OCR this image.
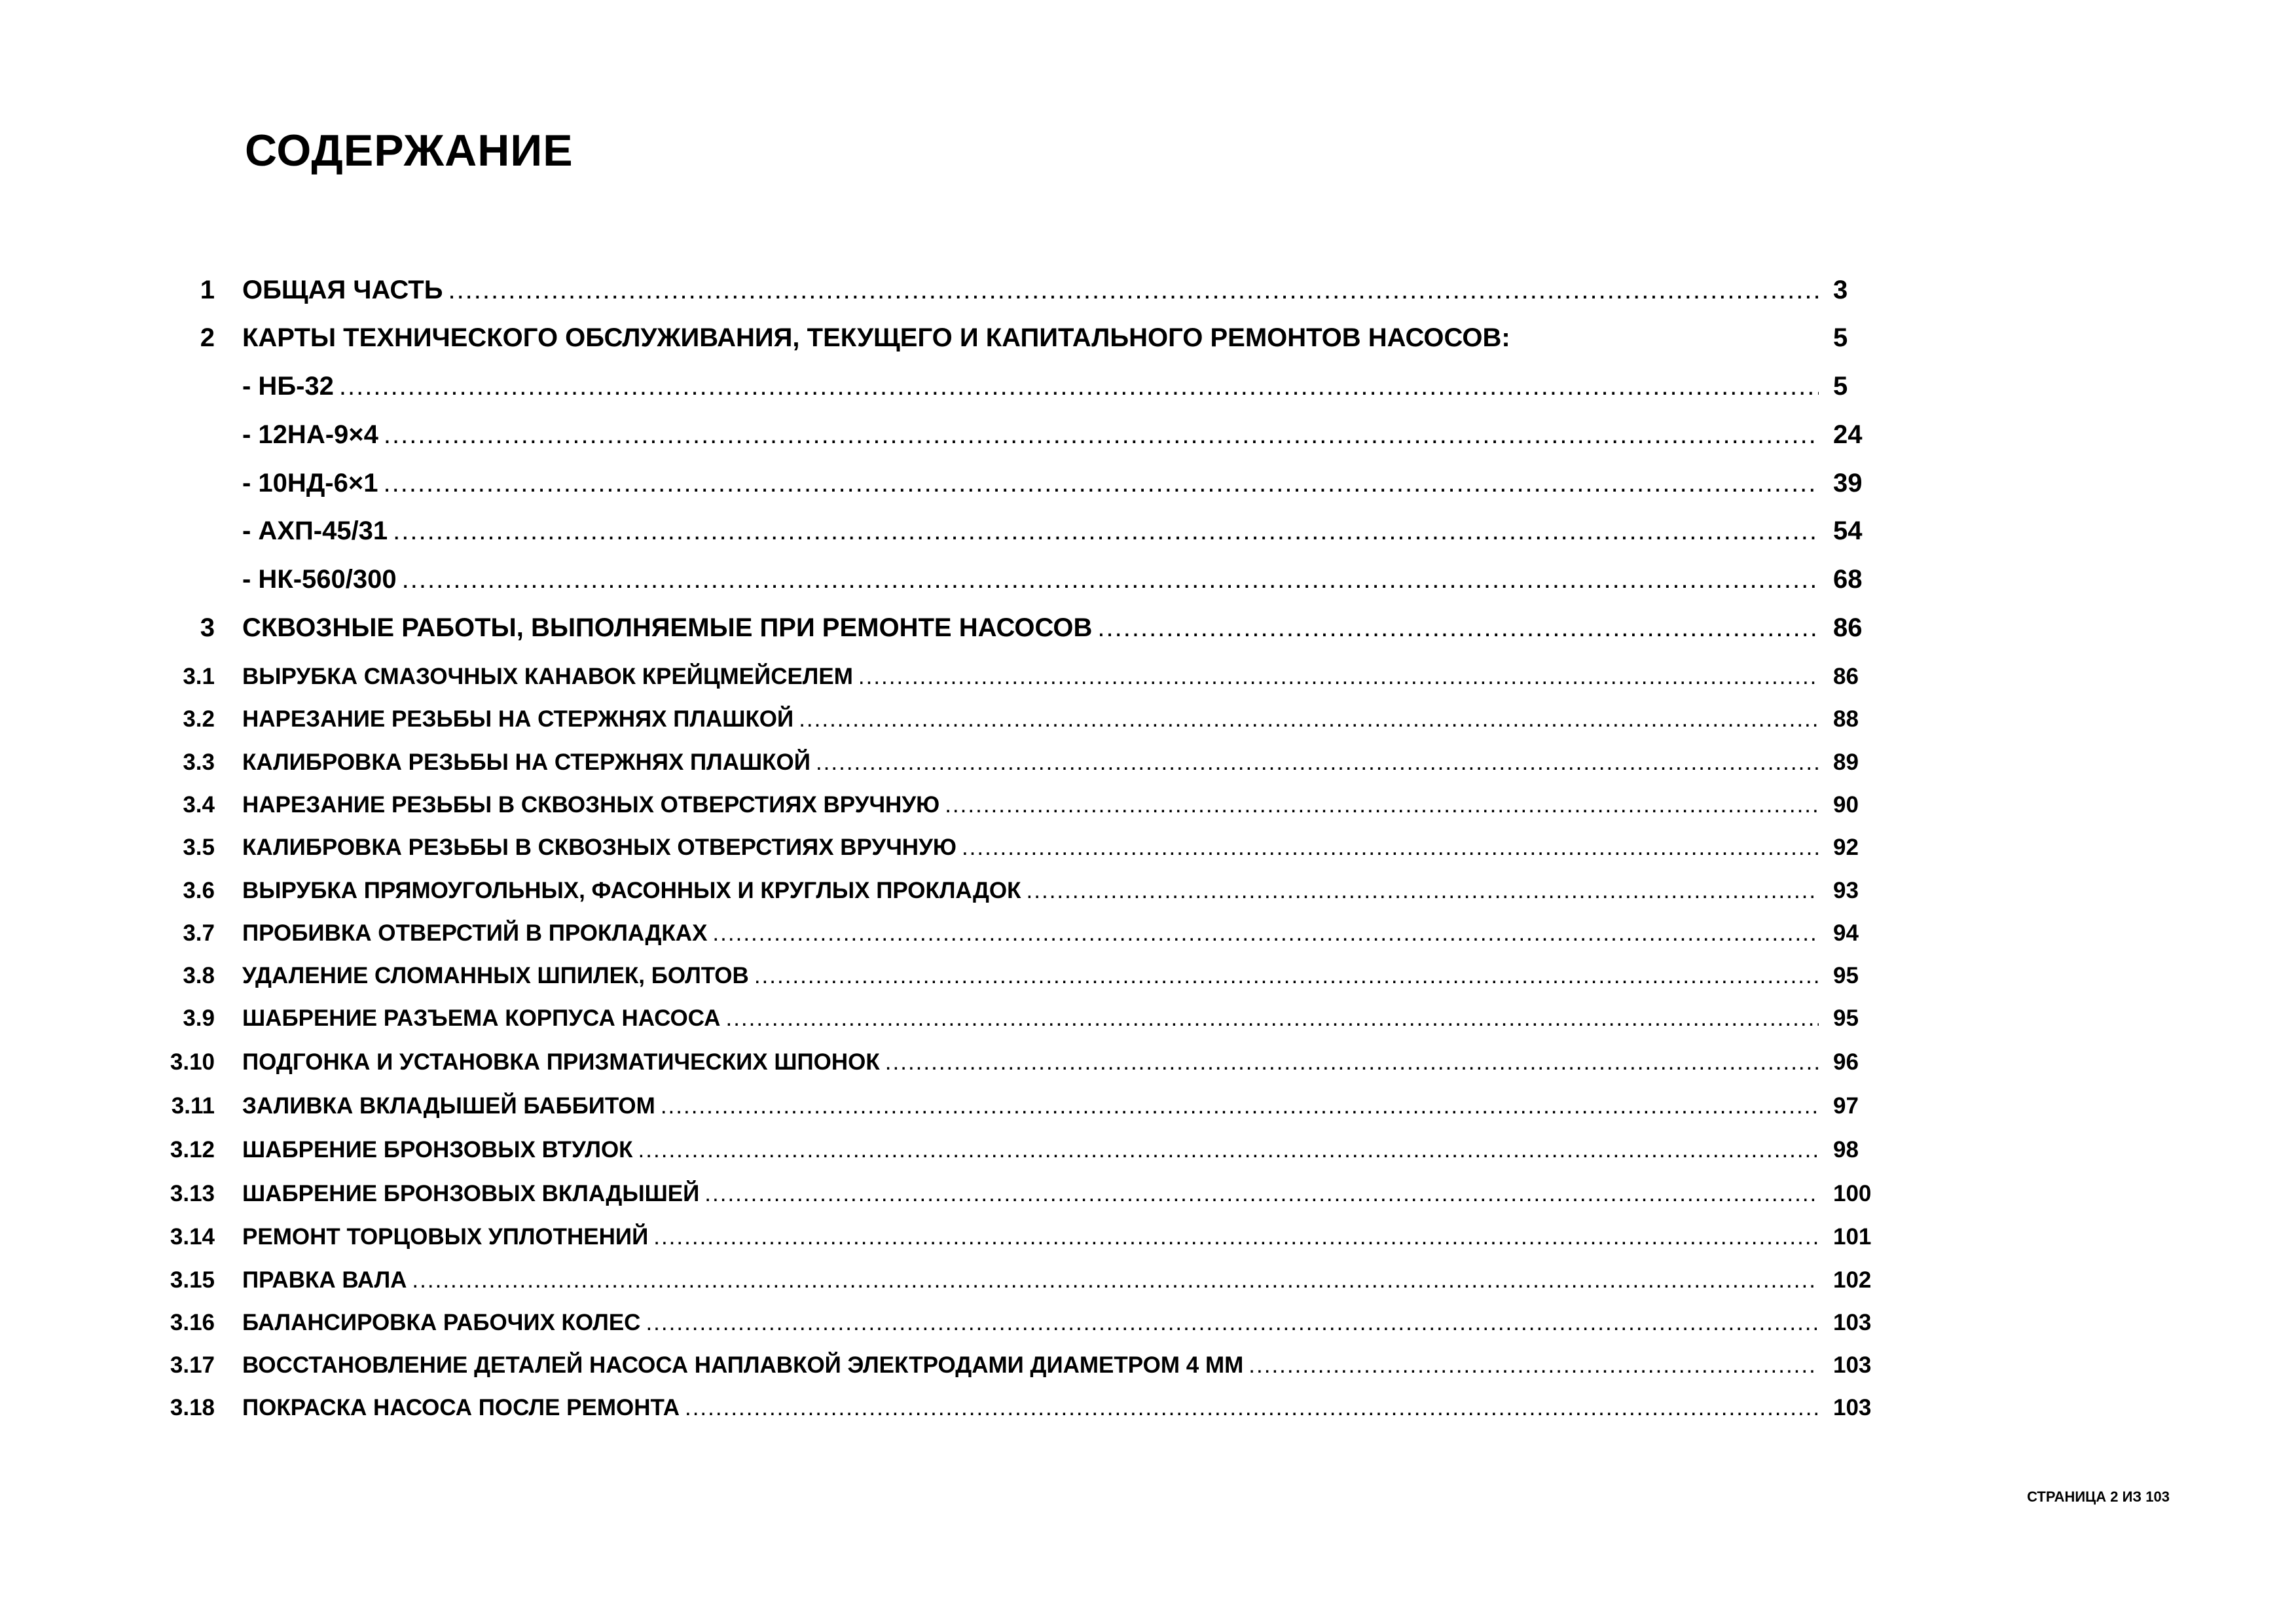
СОДЕРЖАНИЕ
1 ОБЩАЯ ЧАСТЬ .....	3
2 КАРТЫ ТЕХНИЧЕСКОГО ОБСЛУЖИВАНИЯ, ТЕКУЩЕГО И КАПИТАЛЬНОГО РЕМОНТОВ НАСОСОВ:	5
- НБ-32 .....	5
- 12НА-9×4 .....	24
- 10НД-6×1 .....	39
- АХП-45/31 .....	54
- НК-560/300 .....	68
3 СКВОЗНЫЕ РАБОТЫ, ВЫПОЛНЯЕМЫЕ ПРИ РЕМОНТЕ НАСОСОВ .....	86
3.1 ВЫРУБКА СМАЗОЧНЫХ КАНАВОК КРЕЙЦМЕЙСЕЛЕМ .....	86
3.2 НАРЕЗАНИЕ РЕЗЬБЫ НА СТЕРЖНЯХ ПЛАШКОЙ .....	88
3.3 КАЛИБРОВКА РЕЗЬБЫ НА СТЕРЖНЯХ ПЛАШКОЙ .....	89
3.4 НАРЕЗАНИЕ РЕЗЬБЫ В СКВОЗНЫХ ОТВЕРСТИЯХ ВРУЧНУЮ .....	90
3.5 КАЛИБРОВКА РЕЗЬБЫ В СКВОЗНЫХ ОТВЕРСТИЯХ ВРУЧНУЮ .....	92
3.6 ВЫРУБКА ПРЯМОУГОЛЬНЫХ, ФАСОННЫХ И КРУГЛЫХ ПРОКЛАДОК .....	93
3.7 ПРОБИВКА ОТВЕРСТИЙ В ПРОКЛАДКАХ .....	94
3.8 УДАЛЕНИЕ СЛОМАННЫХ ШПИЛЕК, БОЛТОВ .....	95
3.9 ШАБРЕНИЕ РАЗЪЕМА КОРПУСА НАСОСА .....	95
3.10 ПОДГОНКА И УСТАНОВКА ПРИЗМАТИЧЕСКИХ ШПОНОК .....	96
3.11 ЗАЛИВКА ВКЛАДЫШЕЙ БАББИТОМ .....	97
3.12 ШАБРЕНИЕ БРОНЗОВЫХ ВТУЛОК .....	98
3.13 ШАБРЕНИЕ БРОНЗОВЫХ ВКЛАДЫШЕЙ .....	100
3.14 РЕМОНТ ТОРЦОВЫХ УПЛОТНЕНИЙ .....	101
3.15 ПРАВКА ВАЛА .....	102
3.16 БАЛАНСИРОВКА РАБОЧИХ КОЛЕС .....	103
3.17 ВОССТАНОВЛЕНИЕ ДЕТАЛЕЙ НАСОСА НАПЛАВКОЙ ЭЛЕКТРОДАМИ ДИАМЕТРОМ 4 ММ .....	103
3.18 ПОКРАСКА НАСОСА ПОСЛЕ РЕМОНТА .....	103
СТРАНИЦА 2 ИЗ 103
